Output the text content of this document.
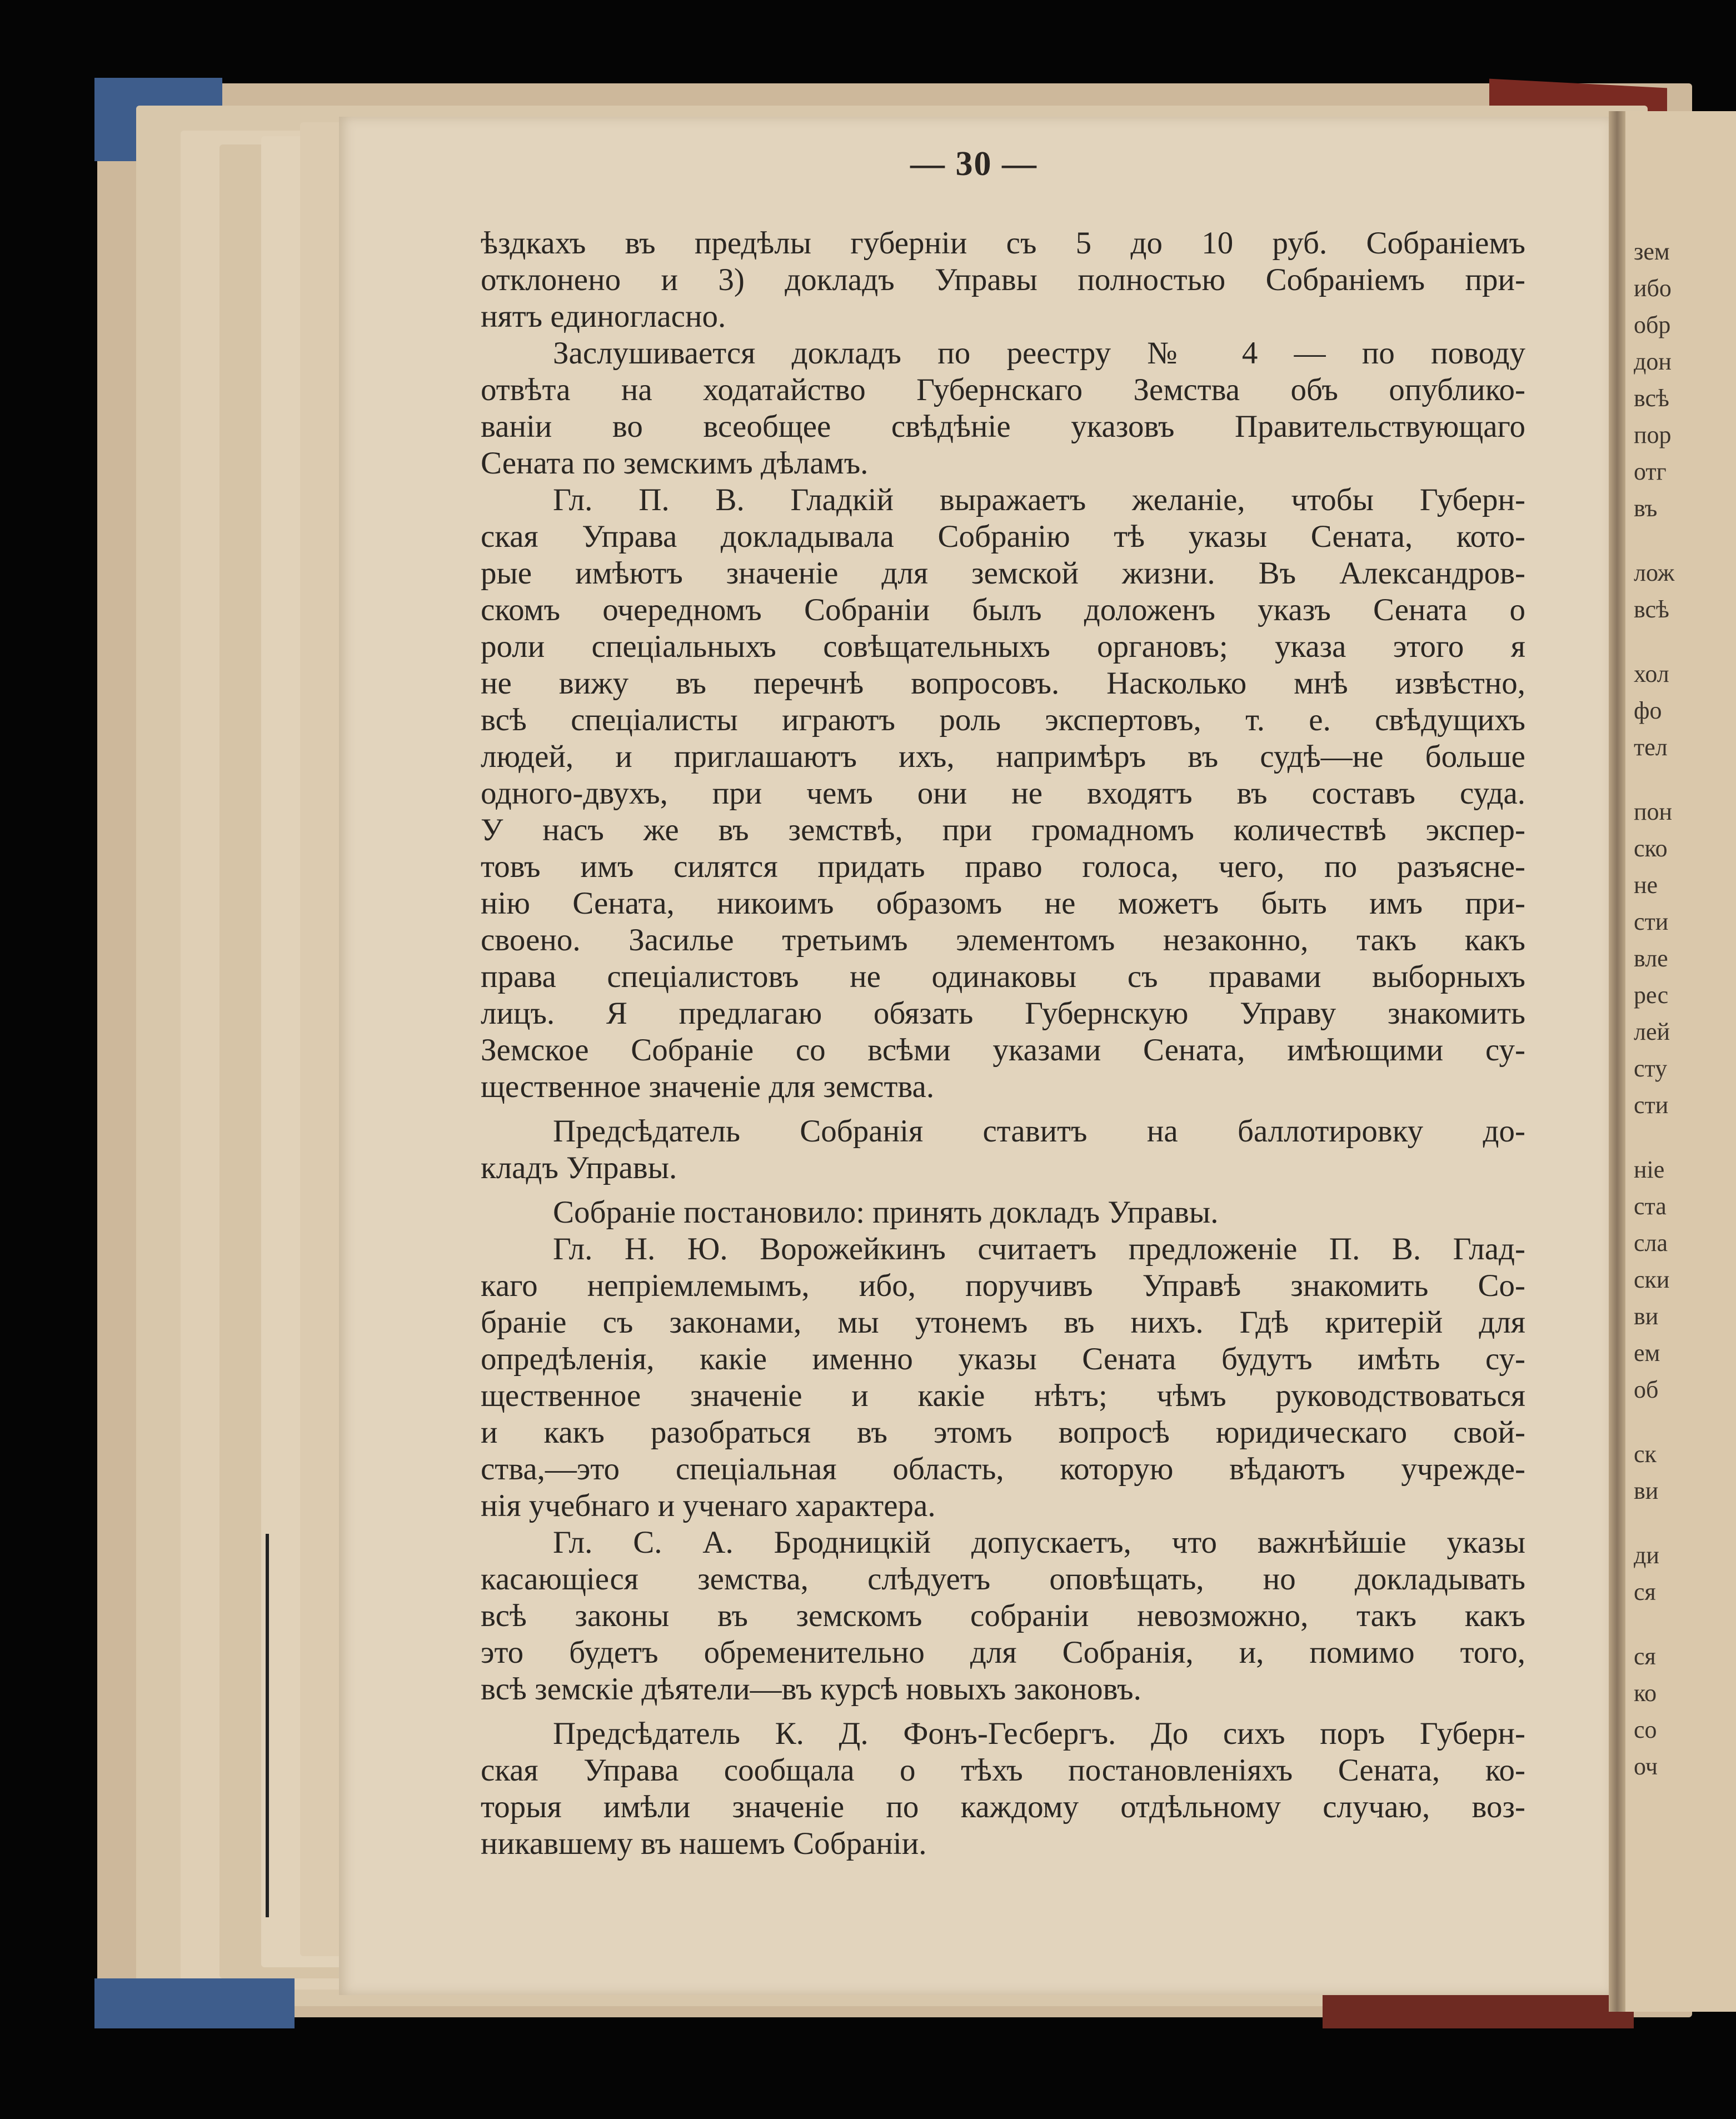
зем
ибо
обр
дон
всѣ
пор
отг
въ
лож
всѣ
хол
фо
тел
пон
ско
не
сти
вле
рес
лей
сту
сти
ніе
ста
сла
ски
ви
ем
об
ск
ви
ди
ся
ся
ко
со
оч
— 30 —
ѣздкахъ въ предѣлы губерніи съ 5 до 10 руб. Собраніемъ
отклонено и 3) докладъ Управы полностью Собраніемъ при-
нятъ единогласно.
Заслушивается докладъ по реестру № 4 — по поводу
отвѣта на ходатайство Губернскаго Земства объ опублико-
ваніи во всеобщее свѣдѣніе указовъ Правительствующаго
Сената по земскимъ дѣламъ.
Гл. П. В. Гладкій выражаетъ желаніе, чтобы Губерн-
ская Управа докладывала Собранію тѣ указы Сената, кото-
рые имѣютъ значеніе для земской жизни. Въ Александров-
скомъ очередномъ Собраніи былъ доложенъ указъ Сената о
роли спеціальныхъ совѣщательныхъ органовъ; указа этого я
не вижу въ перечнѣ вопросовъ. Насколько мнѣ извѣстно,
всѣ спеціалисты играютъ роль экспертовъ, т. е. свѣдущихъ
людей, и приглашаютъ ихъ, напримѣръ въ судѣ—не больше
одного-двухъ, при чемъ они не входятъ въ составъ суда.
У насъ же въ земствѣ, при громадномъ количествѣ экспер-
товъ имъ силятся придать право голоса, чего, по разъясне-
нію Сената, никоимъ образомъ не можетъ быть имъ при-
своено. Засилье третьимъ элементомъ незаконно, такъ какъ
права спеціалистовъ не одинаковы съ правами выборныхъ
лицъ. Я предлагаю обязать Губернскую Управу знакомить
Земское Собраніе со всѣми указами Сената, имѣющими су-
щественное значеніе для земства.
Предсѣдатель Собранія ставитъ на баллотировку до-
кладъ Управы.
Собраніе постановило: принять докладъ Управы.
Гл. Н. Ю. Ворожейкинъ считаетъ предложеніе П. В. Глад-
каго непріемлемымъ, ибо, поручивъ Управѣ знакомить Со-
браніе съ законами, мы утонемъ въ нихъ. Гдѣ критерій для
опредѣленія, какіе именно указы Сената будутъ имѣть су-
щественное значеніе и какіе нѣтъ; чѣмъ руководствоваться
и какъ разобраться въ этомъ вопросѣ юридическаго свой-
ства,—это спеціальная область, которую вѣдаютъ учрежде-
нія учебнаго и ученаго характера.
Гл. С. А. Бродницкій допускаетъ, что важнѣйшіе указы
касающіеся земства, слѣдуетъ оповѣщать, но докладывать
всѣ законы въ земскомъ собраніи невозможно, такъ какъ
это будетъ обременительно для Собранія, и, помимо того,
всѣ земскіе дѣятели—въ курсѣ новыхъ законовъ.
Предсѣдатель К. Д. Фонъ-Гесбергъ. До сихъ поръ Губерн-
ская Управа сообщала о тѣхъ постановленіяхъ Сената, ко-
торыя имѣли значеніе по каждому отдѣльному случаю, воз-
никавшему въ нашемъ Собраніи.
